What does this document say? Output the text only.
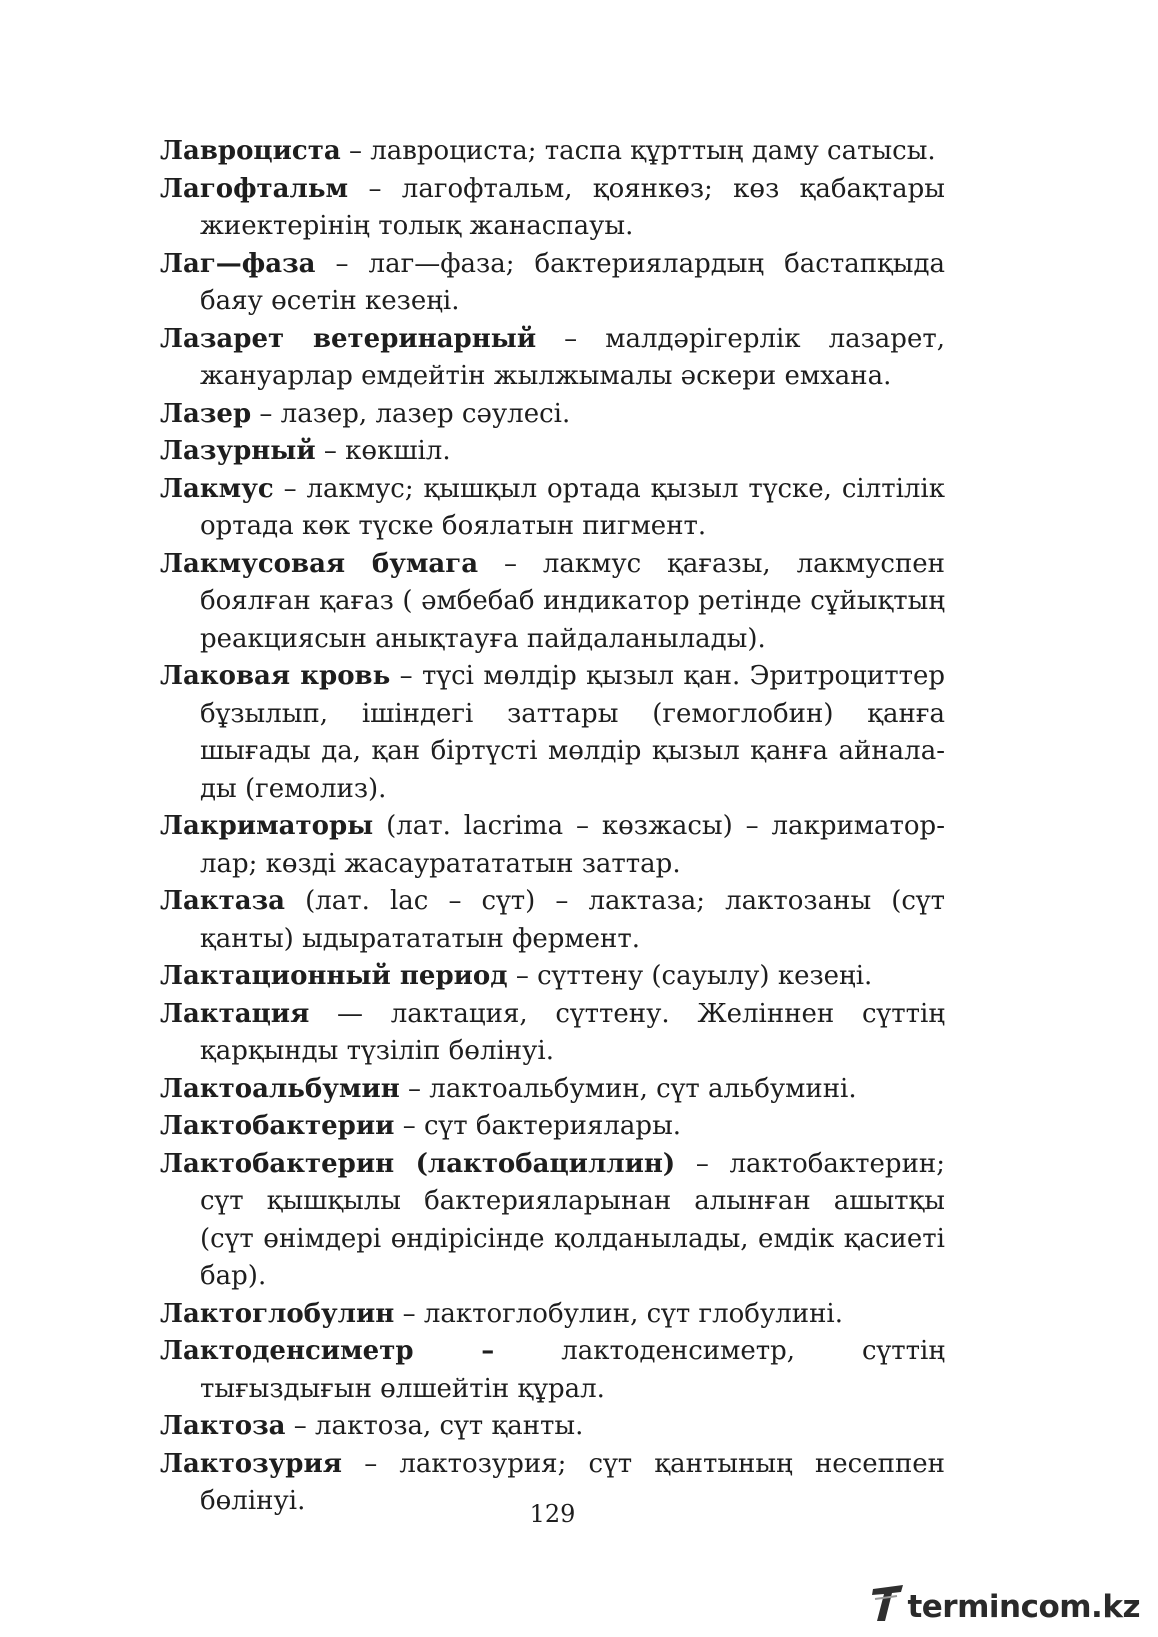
Лавроциста – лавроциста; таспа құрттың даму сатысы.

Лагофтальм – лагофтальм, қоянкөз; көз қабақтары жиектерінің толық жанаспауы.

Лаг—фаза – лаг—фаза; бактериялардың бастапқыда баяу өсетін кезеңі.

Лазарет ветеринарный – малдәрігерлік лазарет, жануарлар емдейтін жылжымалы әскери емхана.

Лазер – лазер, лазер сәулесі.

Лазурный – көкшіл.

Лакмус – лакмус; қышқыл ортада қызыл түске, сілтілік ортада көк түске боялатын пигмент.

Лакмусовая бумага – лакмус қағазы, лакмуспен боялған қағаз ( әмбебаб индикатор ретінде сұйықтың реакциясын анықтауға пайдаланылады).

Лаковая кровь – түсі мөлдір қызыл қан. Эритроциттер бұзылып, ішіндегі заттары (гемоглобин) қанға шығады да, қан біртүсті мөлдір қызыл қанға айналады (гемолиз).

Лакриматоры (лат. lacrima – көзжасы) – лакриматорлар; көзді жасауратататын заттар.

Лактаза (лат. lac – сүт) – лактаза; лактозаны (сүт қанты) ыдыратататын фермент.

Лактационный период – сүттену (сауылу) кезеңі.

Лактация — лактация, сүттену. Желіннен сүттің қарқынды түзіліп бөлінуі.

Лактоальбумин – лактоальбумин, сүт альбумині.

Лактобактерии – сүт бактериялары.

Лактобактерин (лактобациллин) – лактобактерин; сүт қышқылы бактерияларынан алынған ашытқы (сүт өнімдері өндірісінде қолданылады, емдік қасиеті бар).

Лактоглобулин – лактоглобулин, сүт глобулині.

Лактоденсиметр – лактоденсиметр, сүттің тығыздығын өлшейтін құрал.

Лактоза – лактоза, сүт қанты.

Лактозурия – лактозурия; сүт қантының несеппен бөлінуі.	129
termincom.kz
